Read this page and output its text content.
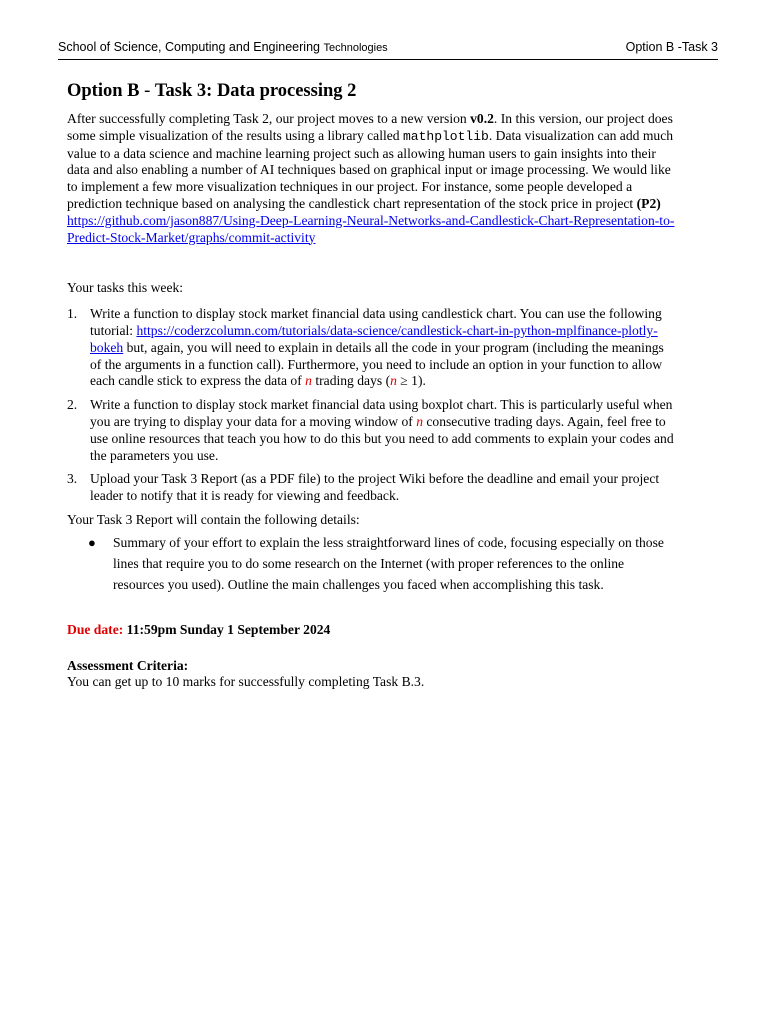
School of Science, Computing and Engineering Technologies	Option B -Task 3
Option B - Task 3: Data processing 2

After successfully completing Task 2, our project moves to a new version v0.2. In this version, our project does some simple visualization of the results using a library called mathplotlib. Data visualization can add much value to a data science and machine learning project such as allowing human users to gain insights into their data and also enabling a number of AI techniques based on graphical input or image processing. We would like to implement a few more visualization techniques in our project. For instance, some people developed a prediction technique based on analysing the candlestick chart representation of the stock price in project (P2) https://github.com/jason887/Using-Deep-Learning-Neural-Networks-and-Candlestick-Chart-Representation-to-Predict-Stock-Market/graphs/commit-activity

Your tasks this week:

1. Write a function to display stock market financial data using candlestick chart. You can use the following tutorial: https://coderzcolumn.com/tutorials/data-science/candlestick-chart-in-python-mplfinance-plotly-bokeh but, again, you will need to explain in details all the code in your program (including the meanings of the arguments in a function call). Furthermore, you need to include an option in your function to allow each candle stick to express the data of n trading days (n ≥ 1).
2. Write a function to display stock market financial data using boxplot chart. This is particularly useful when you are trying to display your data for a moving window of n consecutive trading days. Again, feel free to use online resources that teach you how to do this but you need to add comments to explain your codes and the parameters you use.
3. Upload your Task 3 Report (as a PDF file) to the project Wiki before the deadline and email your project leader to notify that it is ready for viewing and feedback.

Your Task 3 Report will contain the following details:

● Summary of your effort to explain the less straightforward lines of code, focusing especially on those lines that require you to do some research on the Internet (with proper references to the online resources you used). Outline the main challenges you faced when accomplishing this task.

Due date: 11:59pm Sunday 1 September 2024

Assessment Criteria:

You can get up to 10 marks for successfully completing Task B.3.
